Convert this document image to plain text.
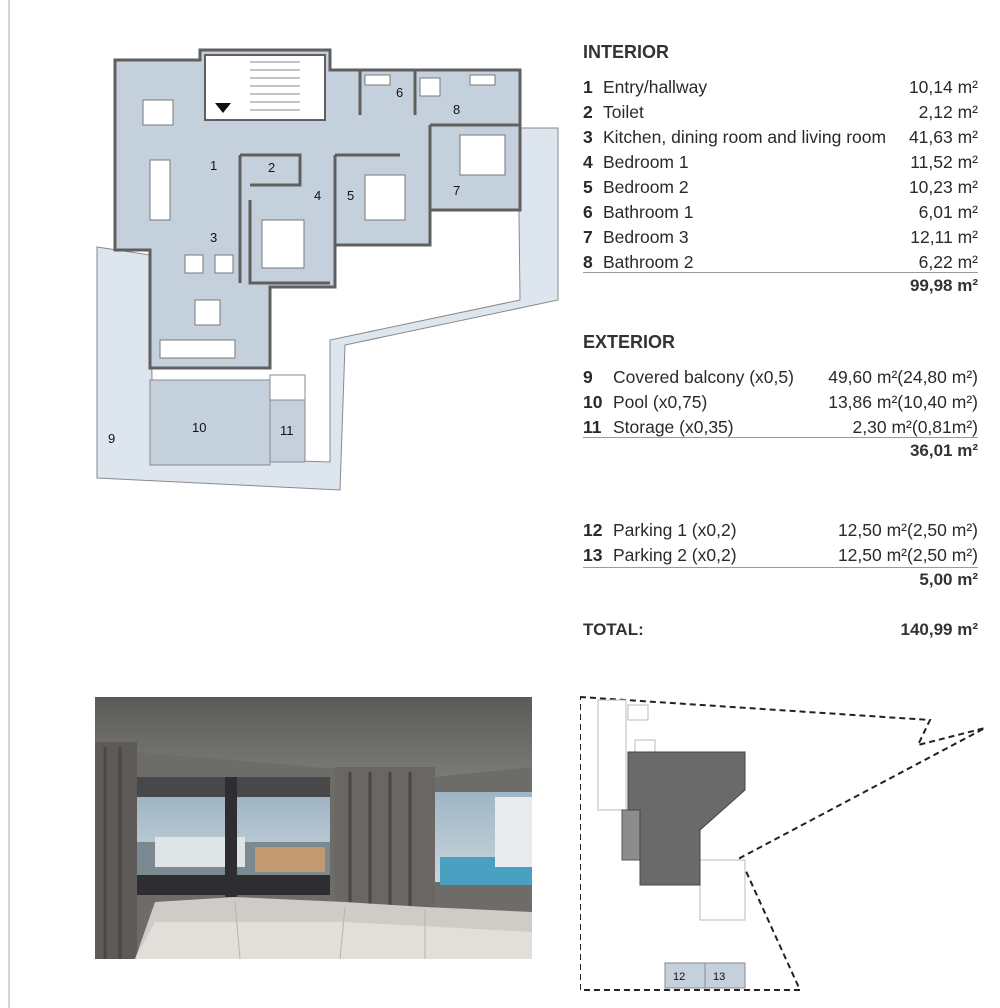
1	2
3
4 5
6
7
8
9
10	11
INTERIOR
1 Entry/hallway	10,14 m²
2 Toilet	2,12 m²
3 Kitchen, dining room and living room 41,63 m²
4 Bedroom 1	11,52 m²
5 Bedroom 2	10,23 m²
6 Bathroom 1	6,01 m²
7 Bedroom 3	12,11 m²
8 Bathroom 2	6,22 m²
99,98 m²
EXTERIOR
9 Covered balcony (x0,5) 49,60 m²(24,80 m²)
10 Pool (x0,75)	13,86 m²(10,40 m²)
11 Storage (x0,35)	2,30 m²(0,81m²)
36,01 m²
12 Parking 1 (x0,2)	12,50 m²(2,50 m²)
13 Parking 2 (x0,2)	12,50 m²(2,50 m²)
5,00 m²
TOTAL:	140,99 m²
12	13
